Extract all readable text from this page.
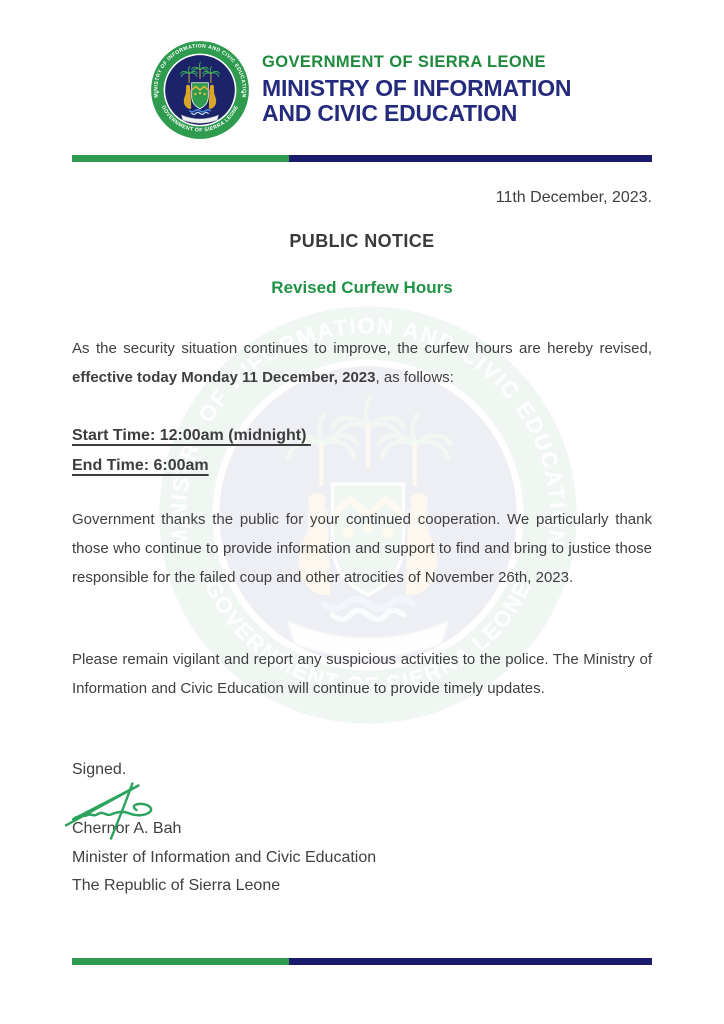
GOVERNMENT OF SIERRA LEONE
MINISTRY OF INFORMATION
AND CIVIC EDUCATION
11th December, 2023.
PUBLIC NOTICE
Revised Curfew Hours

As the security situation continues to improve, the curfew hours are hereby revised, effective today Monday 11 December, 2023, as follows:

Start Time: 12:00am (midnight)
End Time: 6:00am

Government thanks the public for your continued cooperation. We particularly thank those who continue to provide information and support to find and bring to justice those responsible for the failed coup and other atrocities of November 26th, 2023.

Please remain vigilant and report any suspicious activities to the police. The Ministry of Information and Civic Education will continue to provide timely updates.

Signed.
Chernor A. Bah
Minister of Information and Civic Education
The Republic of Sierra Leone
